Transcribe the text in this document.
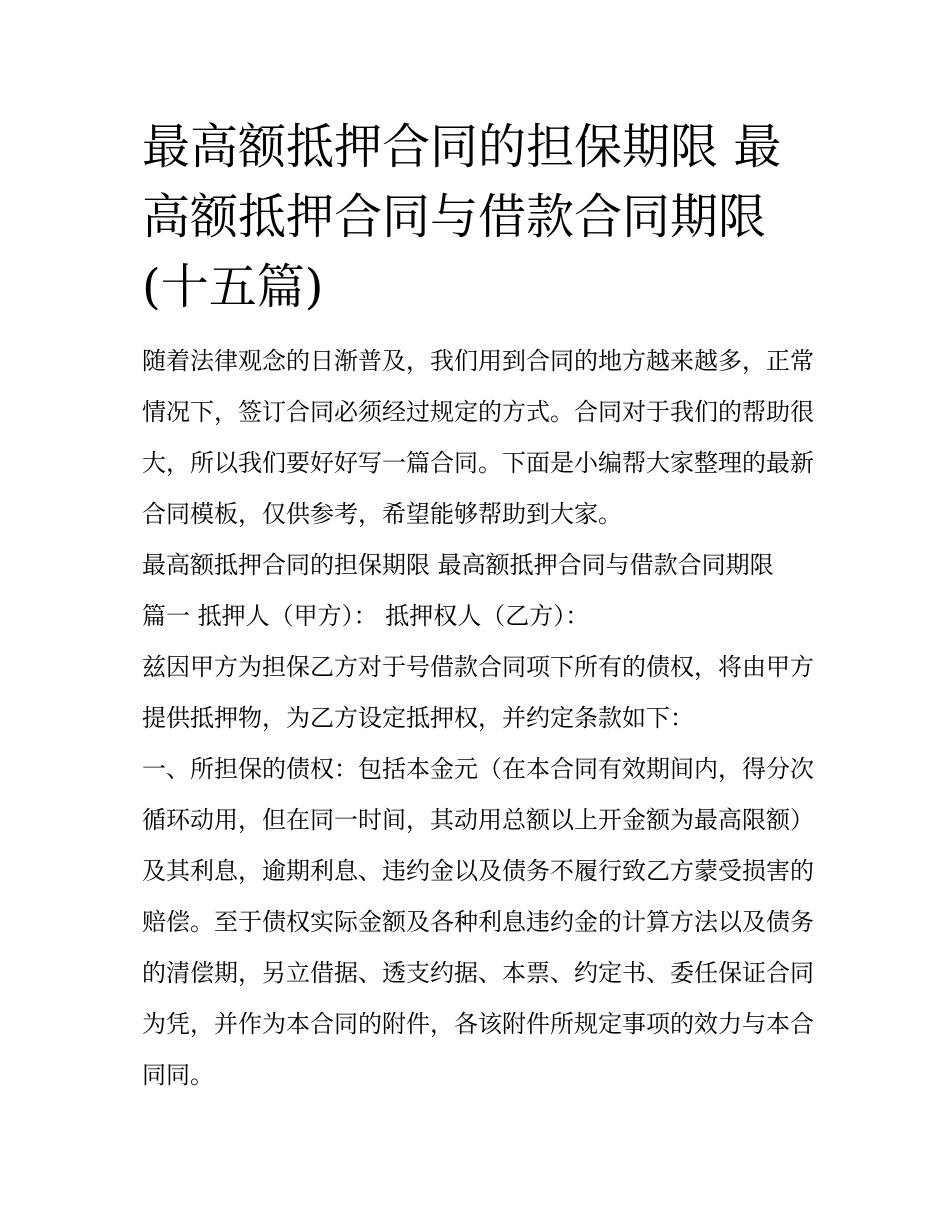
最高额抵押合同的担保期限 最高额抵押合同与借款合同期限(十五篇)

随着法律观念的日渐普及，我们用到合同的地方越来越多，正常情况下，签订合同必须经过规定的方式。合同对于我们的帮助很大，所以我们要好好写一篇合同。下面是小编帮大家整理的最新合同模板，仅供参考，希望能够帮助到大家。

最高额抵押合同的担保期限 最高额抵押合同与借款合同期限

篇一 抵押人（甲方）： 抵押权人（乙方）：

兹因甲方为担保乙方对于号借款合同项下所有的债权，将由甲方提供抵押物，为乙方设定抵押权，并约定条款如下：

一、所担保的债权：包括本金元（在本合同有效期间内，得分次循环动用，但在同一时间，其动用总额以上开金额为最高限额）及其利息，逾期利息、违约金以及债务不履行致乙方蒙受损害的赔偿。至于债权实际金额及各种利息违约金的计算方法以及债务的清偿期，另立借据、透支约据、本票、约定书、委任保证合同为凭，并作为本合同的附件，各该附件所规定事项的效力与本合同同。
